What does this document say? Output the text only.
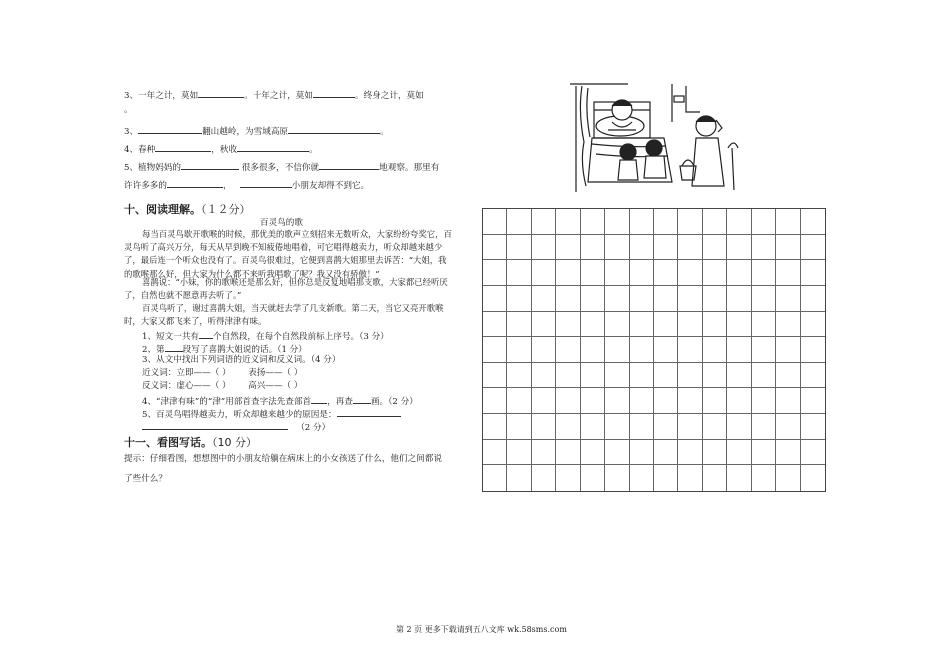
3、一年之计，莫如	。十年之计，莫如	。终身之计，莫如
。
3、	翻山越岭，为雪域高原	。
4、春种	，秋收	。
5、植物妈妈的	很多很多，不信你就	地观察。那里有
许许多多的	，	小朋友却得不到它。
十、阅读理解。（１２分）
百灵鸟的歌
每当百灵鸟歇开歌喉的时候，那优美的歌声立刻招来无数听众，大家纷纷夸奖它，百灵鸟听了高兴万分，每天从早到晚不知疲倦地唱着，可它唱得越卖力，听众却越来越少了，最后连一个听众也没有了。百灵鸟很难过，它便到喜鹊大姐那里去诉苦：“大姐，我的歌喉那么好，但大家为什么都不来听我唱歌了呢？我又没有骄傲！”
喜鹊说：“小妹，你的歌喉还是那么好，但你总是反复地唱那支歌，大家都已经听厌了，自然也就不愿意再去听了。”
百灵鸟听了，谢过喜鹊大姐，当天就赶去学了几支新歌。第二天，当它又亮开歌喉时，大家又都飞来了，听得津津有味。
1、短文一共有 个自然段，在每个自然段前标上序号。（3 分）
2、第 段写了喜鹊大姐说的话。（1 分）
3、从文中找出下列词语的近义词和反义词。（4 分）
近义词：立即——（ ） 表扬——（ ）
反义词：虚心——（ ） 高兴——（ ）
4、“津津有味”的“津”用部首查字法先查部首 ，再查 画。（2 分）
5、百灵鸟唱得越卖力，听众却越来越少的原因是：
（2 分）
十一、看图写话。（10 分）
提示：仔细看图，想想图中的小朋友给躺在病床上的小女孩送了什么，他们之间都说
了些什么？
第 2 页 更多下载请到五八文库 wk.58sms.com
